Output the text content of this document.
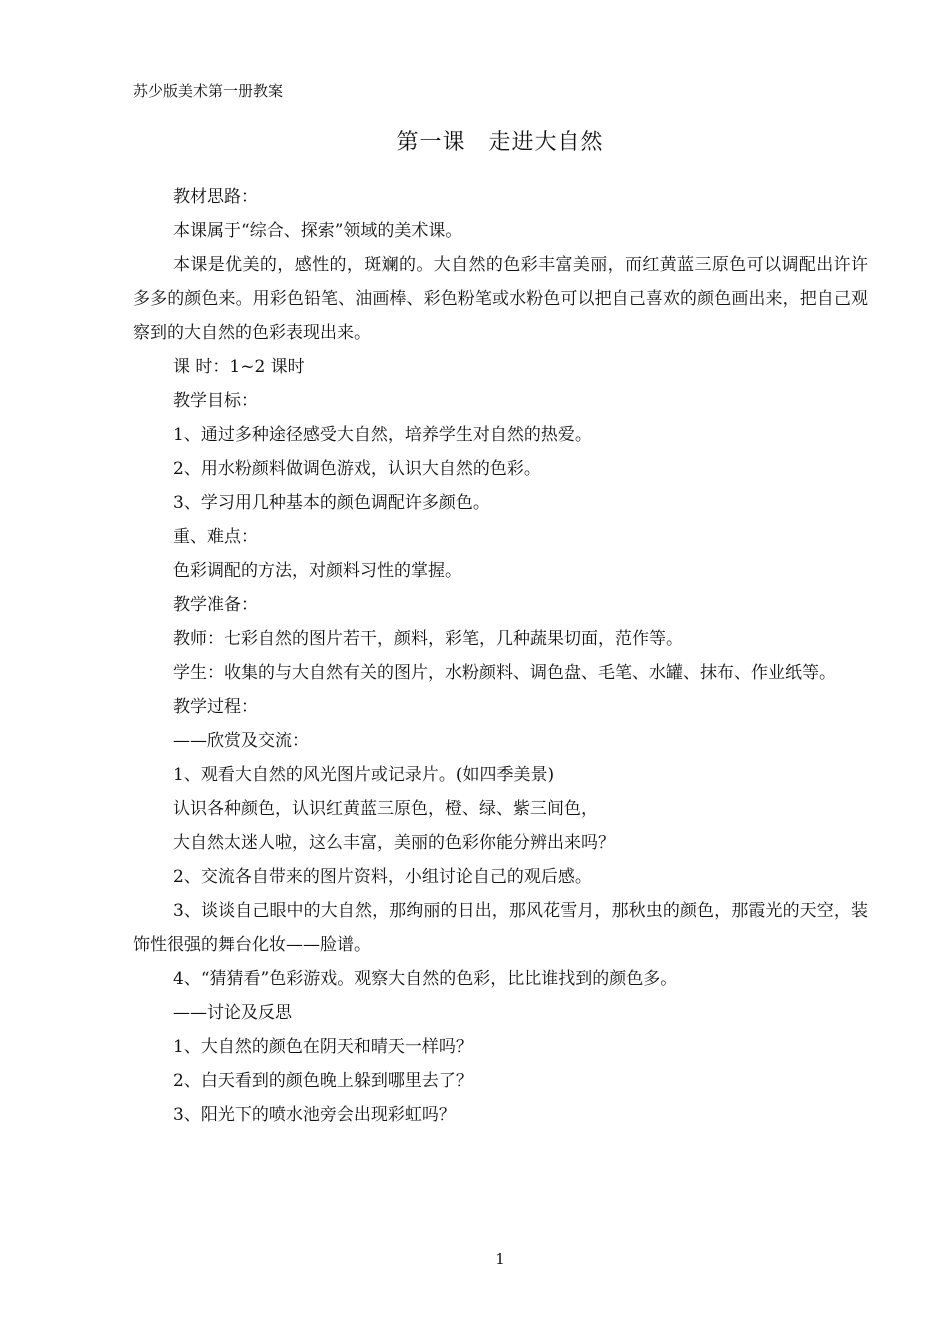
苏少版美术第一册教案
第一课　走进大自然
教材思路：
本课属于“综合、探索”领域的美术课。
本课是优美的，感性的，斑斓的。大自然的色彩丰富美丽，而红黄蓝三原色可以调配出许许多多的颜色来。用彩色铅笔、油画棒、彩色粉笔或水粉色可以把自己喜欢的颜色画出来，把自己观察到的大自然的色彩表现出来。
课 时：1~2 课时
教学目标：
1、通过多种途径感受大自然，培养学生对自然的热爱。
2、用水粉颜料做调色游戏，认识大自然的色彩。
3、学习用几种基本的颜色调配许多颜色。
重、难点：
色彩调配的方法，对颜料习性的掌握。
教学准备：
教师：七彩自然的图片若干，颜料，彩笔，几种蔬果切面，范作等。
学生：收集的与大自然有关的图片，水粉颜料、调色盘、毛笔、水罐、抹布、作业纸等。
教学过程：
——欣赏及交流：
1、观看大自然的风光图片或记录片。(如四季美景)
认识各种颜色，认识红黄蓝三原色，橙、绿、紫三间色，
大自然太迷人啦，这么丰富，美丽的色彩你能分辨出来吗？
2、交流各自带来的图片资料，小组讨论自己的观后感。
3、谈谈自己眼中的大自然，那绚丽的日出，那风花雪月，那秋虫的颜色，那霞光的天空，装饰性很强的舞台化妆——脸谱。
4、“猜猜看”色彩游戏。观察大自然的色彩，比比谁找到的颜色多。
——讨论及反思
1、大自然的颜色在阴天和晴天一样吗？
2、白天看到的颜色晚上躲到哪里去了？
3、阳光下的喷水池旁会出现彩虹吗？
1
